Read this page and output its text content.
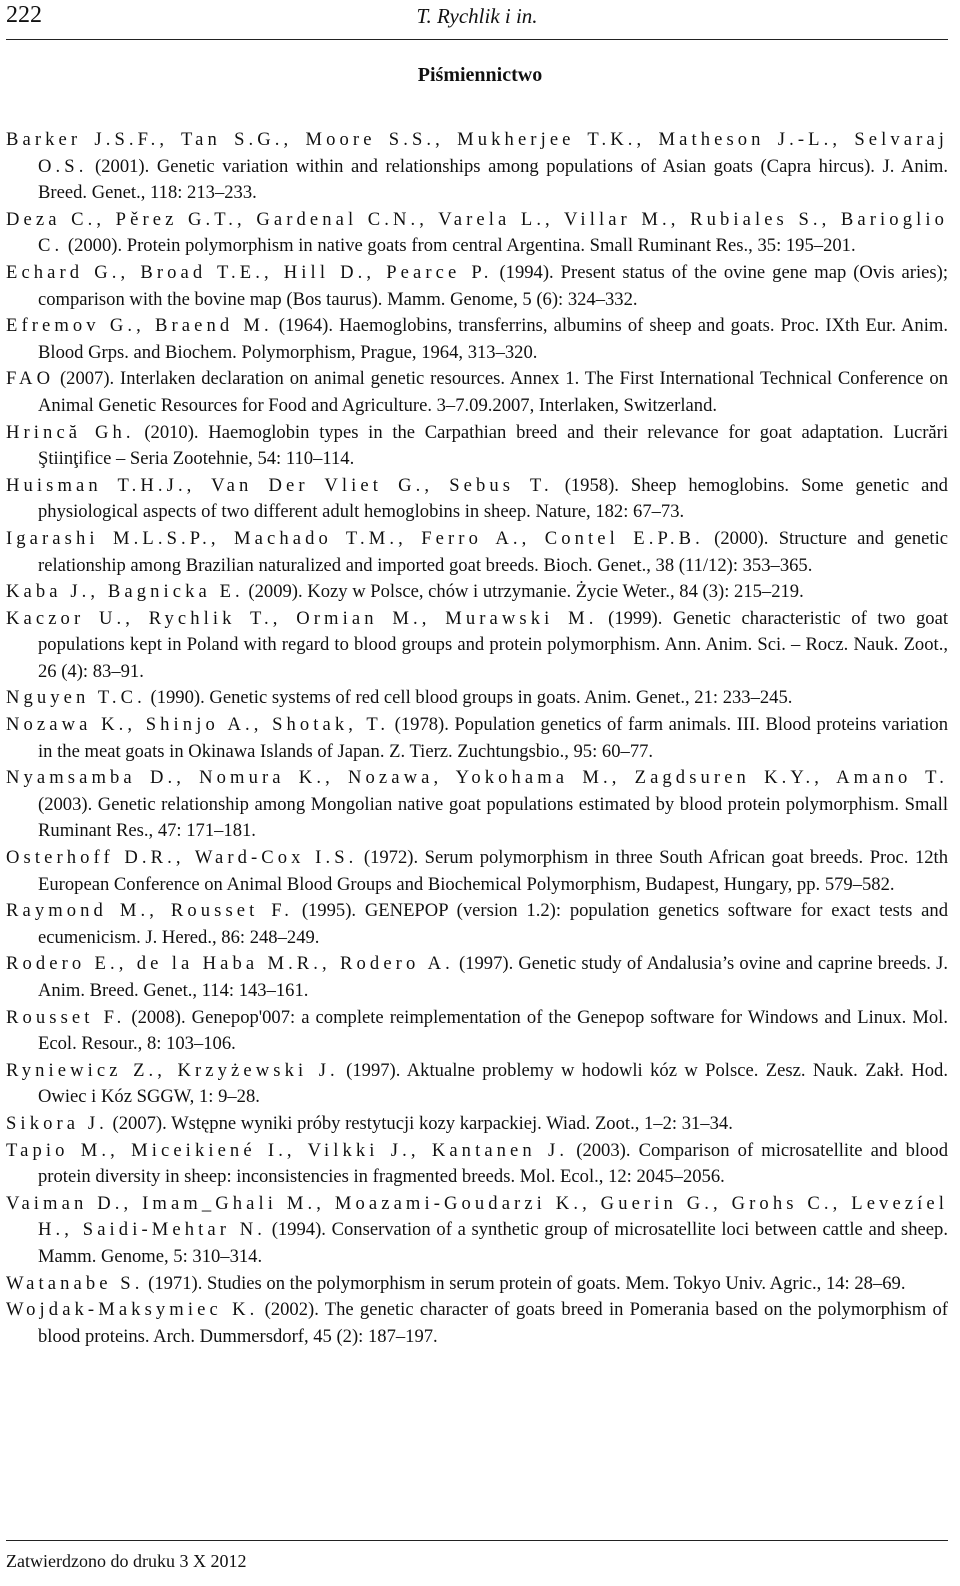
222	T. Rychlik i in.
Piśmiennictwo

Barker J.S.F., Tan S.G., Moore S.S., Mukherjee T.K., Matheson J.-L., Selvaraj O.S. (2001). Genetic variation within and relationships among populations of Asian goats (Capra hircus). J. Anim. Breed. Genet., 118: 213–233.

Deza C., Pěrez G.T., Gardenal C.N., Varela L., Villar M., Rubiales S., Barioglio C. (2000). Protein polymorphism in native goats from central Argentina. Small Ruminant Res., 35: 195–201.

Echard G., Broad T.E., Hill D., Pearce P. (1994). Present status of the ovine gene map (Ovis aries); comparison with the bovine map (Bos taurus). Mamm. Genome, 5 (6): 324–332.

Efremov G., Braend M. (1964). Haemoglobins, transferrins, albumins of sheep and goats. Proc. IXth Eur. Anim. Blood Grps. and Biochem. Polymorphism, Prague, 1964, 313–320.

FAO (2007). Interlaken declaration on animal genetic resources. Annex 1. The First International Technical Conference on Animal Genetic Resources for Food and Agriculture. 3–7.09.2007, Interlaken, Switzerland.

Hrincă Gh. (2010). Haemoglobin types in the Carpathian breed and their relevance for goat adaptation. Lucrări Ştiinţifice – Seria Zootehnie, 54: 110–114.

Huisman T.H.J., Van Der Vliet G., Sebus T. (1958). Sheep hemoglobins. Some genetic and physiological aspects of two different adult hemoglobins in sheep. Nature, 182: 67–73.

Igarashi M.L.S.P., Machado T.M., Ferro A., Contel E.P.B. (2000). Structure and genetic relationship among Brazilian naturalized and imported goat breeds. Bioch. Genet., 38 (11/12): 353–365.

Kaba J., Bagnicka E. (2009). Kozy w Polsce, chów i utrzymanie. Życie Weter., 84 (3): 215–219.

Kaczor U., Rychlik T., Ormian M., Murawski M. (1999). Genetic characteristic of two goat populations kept in Poland with regard to blood groups and protein polymorphism. Ann. Anim. Sci. – Rocz. Nauk. Zoot., 26 (4): 83–91.

Nguyen T.C. (1990). Genetic systems of red cell blood groups in goats. Anim. Genet., 21: 233–245.

Nozawa K., Shinjo A., Shotak, T. (1978). Population genetics of farm animals. III. Blood proteins variation in the meat goats in Okinawa Islands of Japan. Z. Tierz. Zuchtungsbio., 95: 60–77.

Nyamsamba D., Nomura K., Nozawa, Yokohama M., Zagdsuren K.Y., Amano T. (2003). Genetic relationship among Mongolian native goat populations estimated by blood protein polymorphism. Small Ruminant Res., 47: 171–181.

Osterhoff D.R., Ward-Cox I.S. (1972). Serum polymorphism in three South African goat breeds. Proc. 12th European Conference on Animal Blood Groups and Biochemical Polymorphism, Budapest, Hungary, pp. 579–582.

Raymond M., Rousset F. (1995). GENEPOP (version 1.2): population genetics software for exact tests and ecumenicism. J. Hered., 86: 248–249.

Rodero E., de la Haba M.R., Rodero A. (1997). Genetic study of Andalusia’s ovine and caprine breeds. J. Anim. Breed. Genet., 114: 143–161.

Rousset F. (2008). Genepop'007: a complete reimplementation of the Genepop software for Windows and Linux. Mol. Ecol. Resour., 8: 103–106.

Ryniewicz Z., Krzyżewski J. (1997). Aktualne problemy w hodowli kóz w Polsce. Zesz. Nauk. Zakł. Hod. Owiec i Kóz SGGW, 1: 9–28.

Sikora J. (2007). Wstępne wyniki próby restytucji kozy karpackiej. Wiad. Zoot., 1–2: 31–34.

Tapio M., Miceikiené I., Vilkki J., Kantanen J. (2003). Comparison of microsatellite and blood protein diversity in sheep: inconsistencies in fragmented breeds. Mol. Ecol., 12: 2045–2056.

Vaiman D., Imam_Ghali M., Moazami-Goudarzi K., Guerin G., Grohs C., Levezíel H., Saidi-Mehtar N. (1994). Conservation of a synthetic group of microsatellite loci between cattle and sheep. Mamm. Genome, 5: 310–314.

Watanabe S. (1971). Studies on the polymorphism in serum protein of goats. Mem. Tokyo Univ. Agric., 14: 28–69.

Wojdak-Maksymiec K. (2002). The genetic character of goats breed in Pomerania based on the polymorphism of blood proteins. Arch. Dummersdorf, 45 (2): 187–197.

Zatwierdzono do druku 3 X 2012
